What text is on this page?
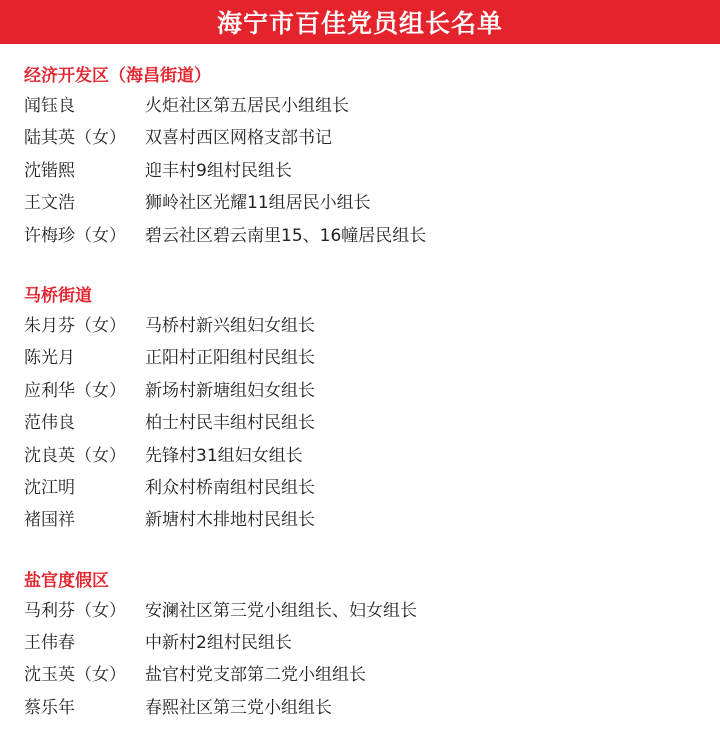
海宁市百佳党员组长名单
经济开发区（海昌街道）
闻钰良	火炬社区第五居民小组组长
陆其英（女）	双喜村西区网格支部书记
沈锴熙	迎丰村9组村民组长
王文浩	狮岭社区光耀11组居民小组长
许梅珍（女）	碧云社区碧云南里15、16幢居民组长
马桥街道
朱月芬（女）	马桥村新兴组妇女组长
陈光月	正阳村正阳组村民组长
应利华（女）	新场村新塘组妇女组长
范伟良	柏士村民丰组村民组长
沈良英（女）	先锋村31组妇女组长
沈江明	利众村桥南组村民组长
褚国祥	新塘村木排地村民组长
盐官度假区
马利芬（女）	安澜社区第三党小组组长、妇女组长
王伟春	中新村2组村民组长
沈玉英（女）	盐官村党支部第二党小组组长
蔡乐年	春熙社区第三党小组组长
